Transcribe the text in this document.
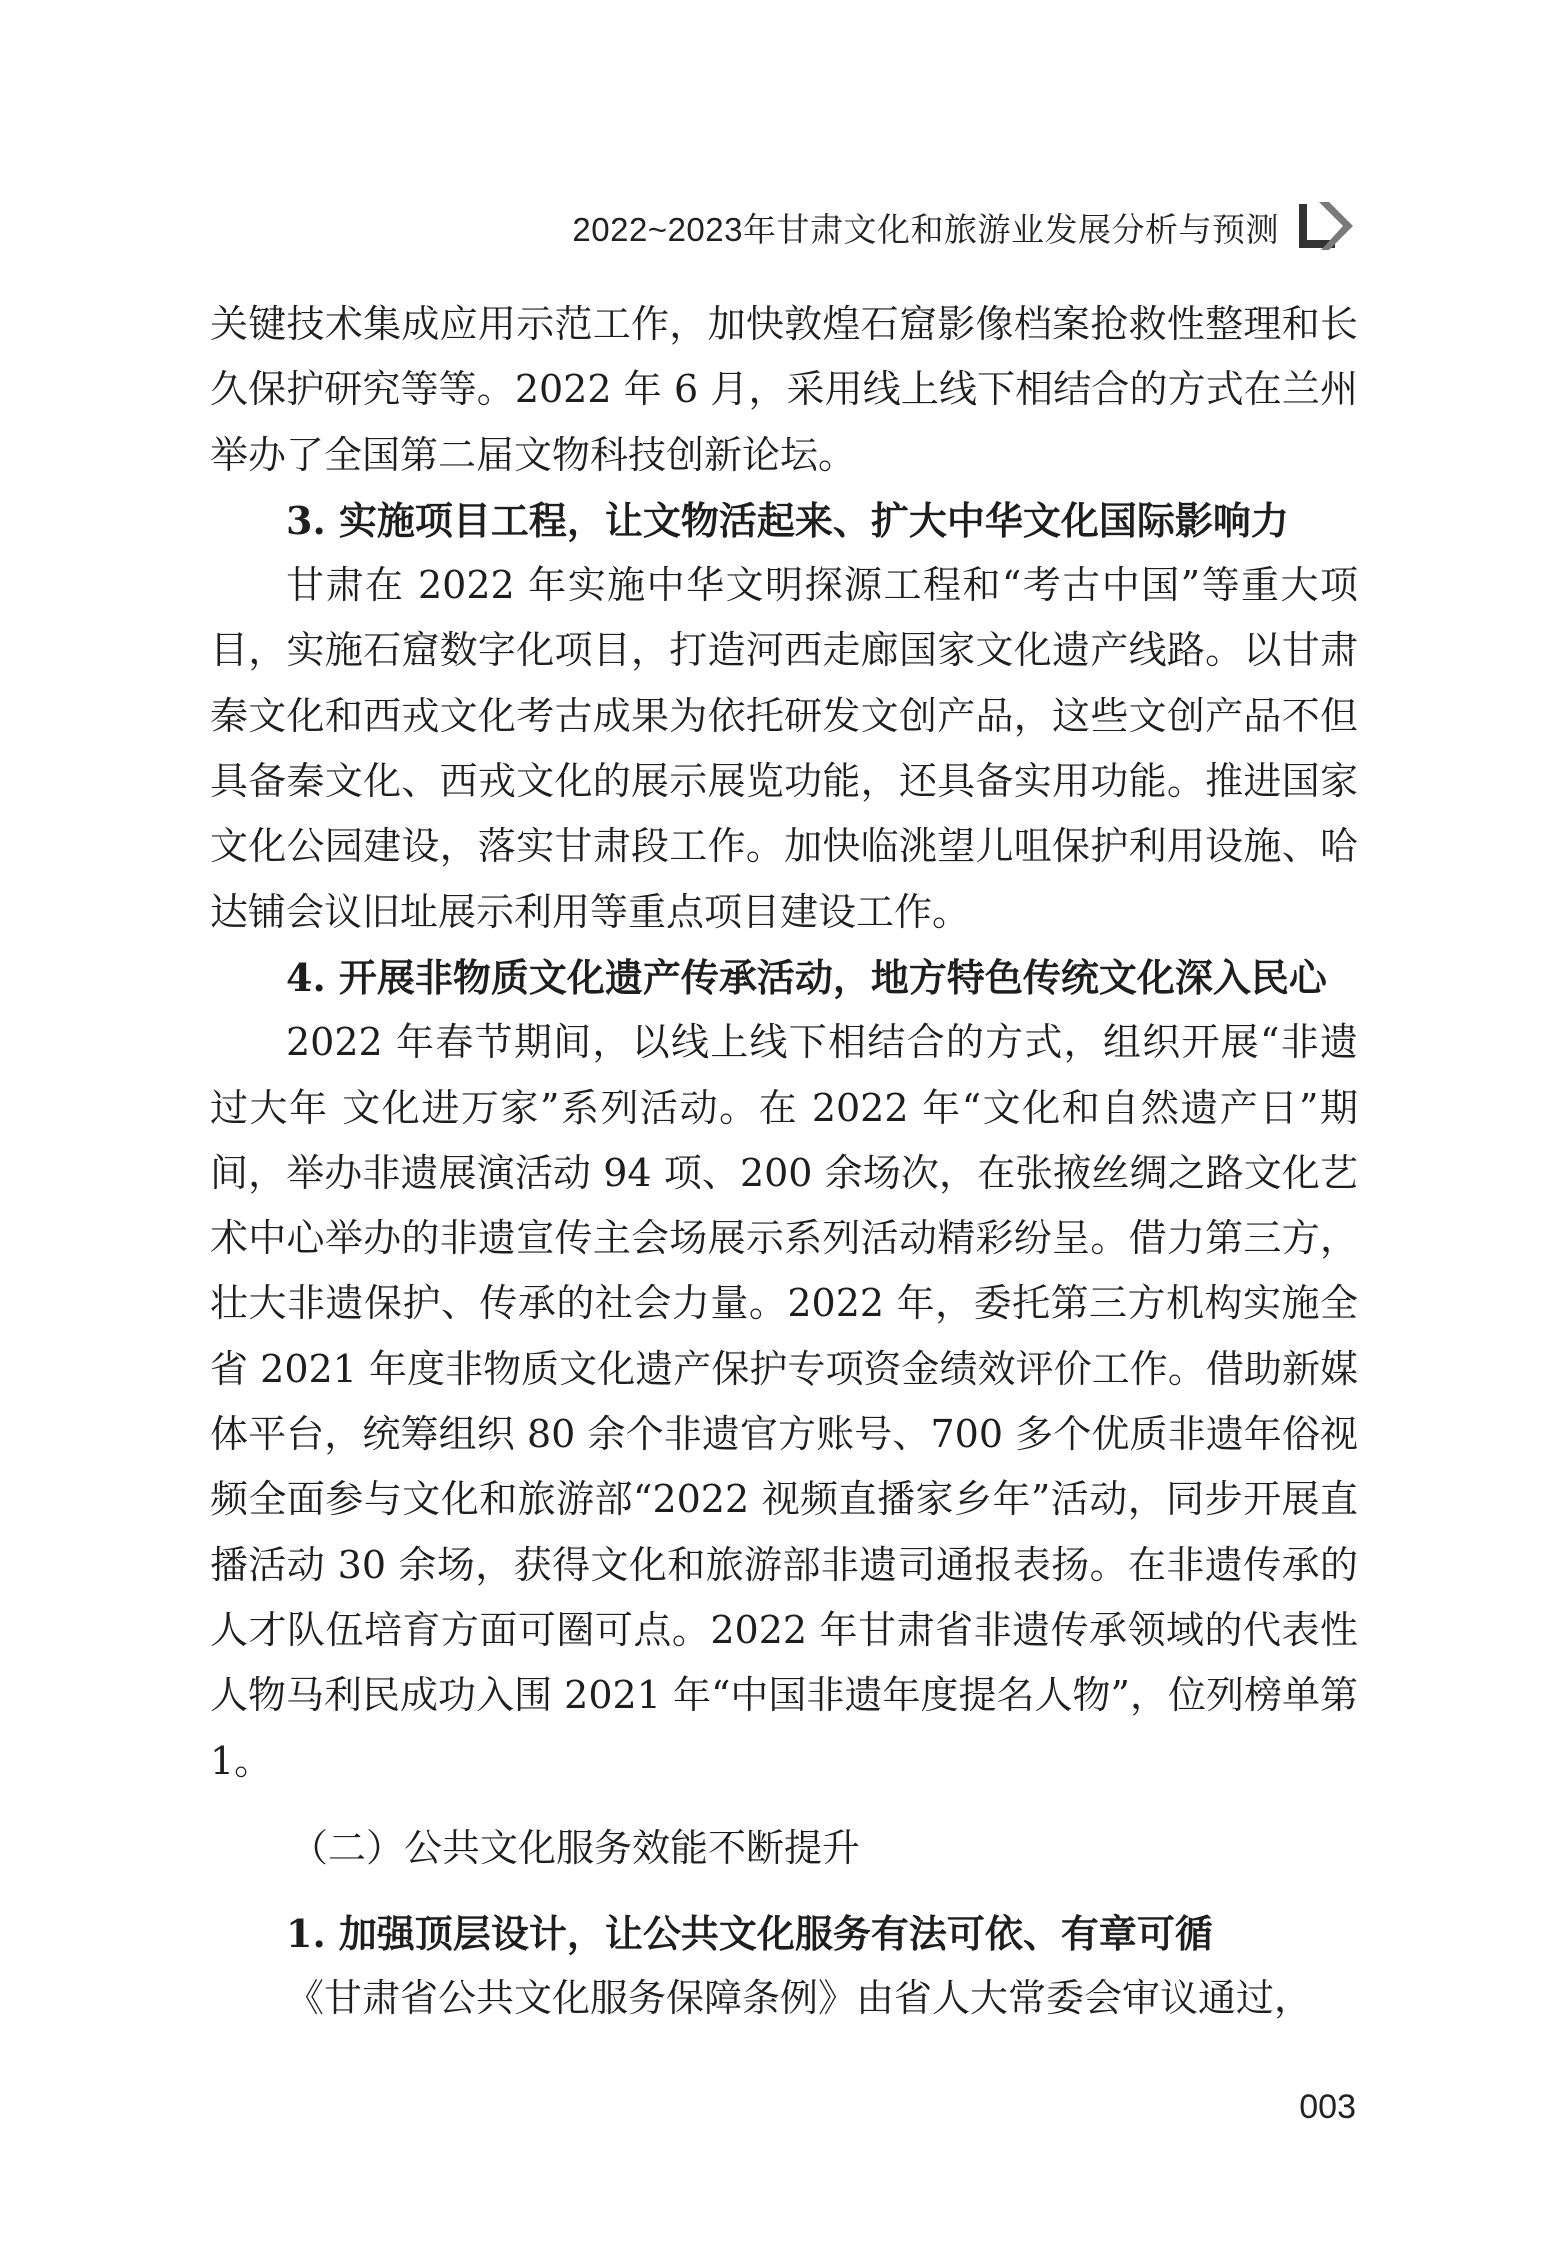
2022~2023年甘肃文化和旅游业发展分析与预测

关键技术集成应用示范工作，加快敦煌石窟影像档案抢救性整理和长久保护研究等等。2022 年 6 月，采用线上线下相结合的方式在兰州举办了全国第二届文物科技创新论坛。

3. 实施项目工程，让文物活起来、扩大中华文化国际影响力

甘肃在 2022 年实施中华文明探源工程和“考古中国”等重大项目，实施石窟数字化项目，打造河西走廊国家文化遗产线路。以甘肃秦文化和西戎文化考古成果为依托研发文创产品，这些文创产品不但具备秦文化、西戎文化的展示展览功能，还具备实用功能。推进国家文化公园建设，落实甘肃段工作。加快临洮望儿咀保护利用设施、哈达铺会议旧址展示利用等重点项目建设工作。

4. 开展非物质文化遗产传承活动，地方特色传统文化深入民心

2022 年春节期间，以线上线下相结合的方式，组织开展“非遗过大年 文化进万家”系列活动。在 2022 年“文化和自然遗产日”期间，举办非遗展演活动 94 项、200 余场次，在张掖丝绸之路文化艺术中心举办的非遗宣传主会场展示系列活动精彩纷呈。借力第三方，壮大非遗保护、传承的社会力量。2022 年，委托第三方机构实施全省 2021 年度非物质文化遗产保护专项资金绩效评价工作。借助新媒体平台，统筹组织 80 余个非遗官方账号、700 多个优质非遗年俗视频全面参与文化和旅游部“2022 视频直播家乡年”活动，同步开展直播活动 30 余场，获得文化和旅游部非遗司通报表扬。在非遗传承的人才队伍培育方面可圈可点。2022 年甘肃省非遗传承领域的代表性人物马利民成功入围 2021 年“中国非遗年度提名人物”，位列榜单第 1。

（二）公共文化服务效能不断提升

1. 加强顶层设计，让公共文化服务有法可依、有章可循

《甘肃省公共文化服务保障条例》由省人大常委会审议通过，

003
